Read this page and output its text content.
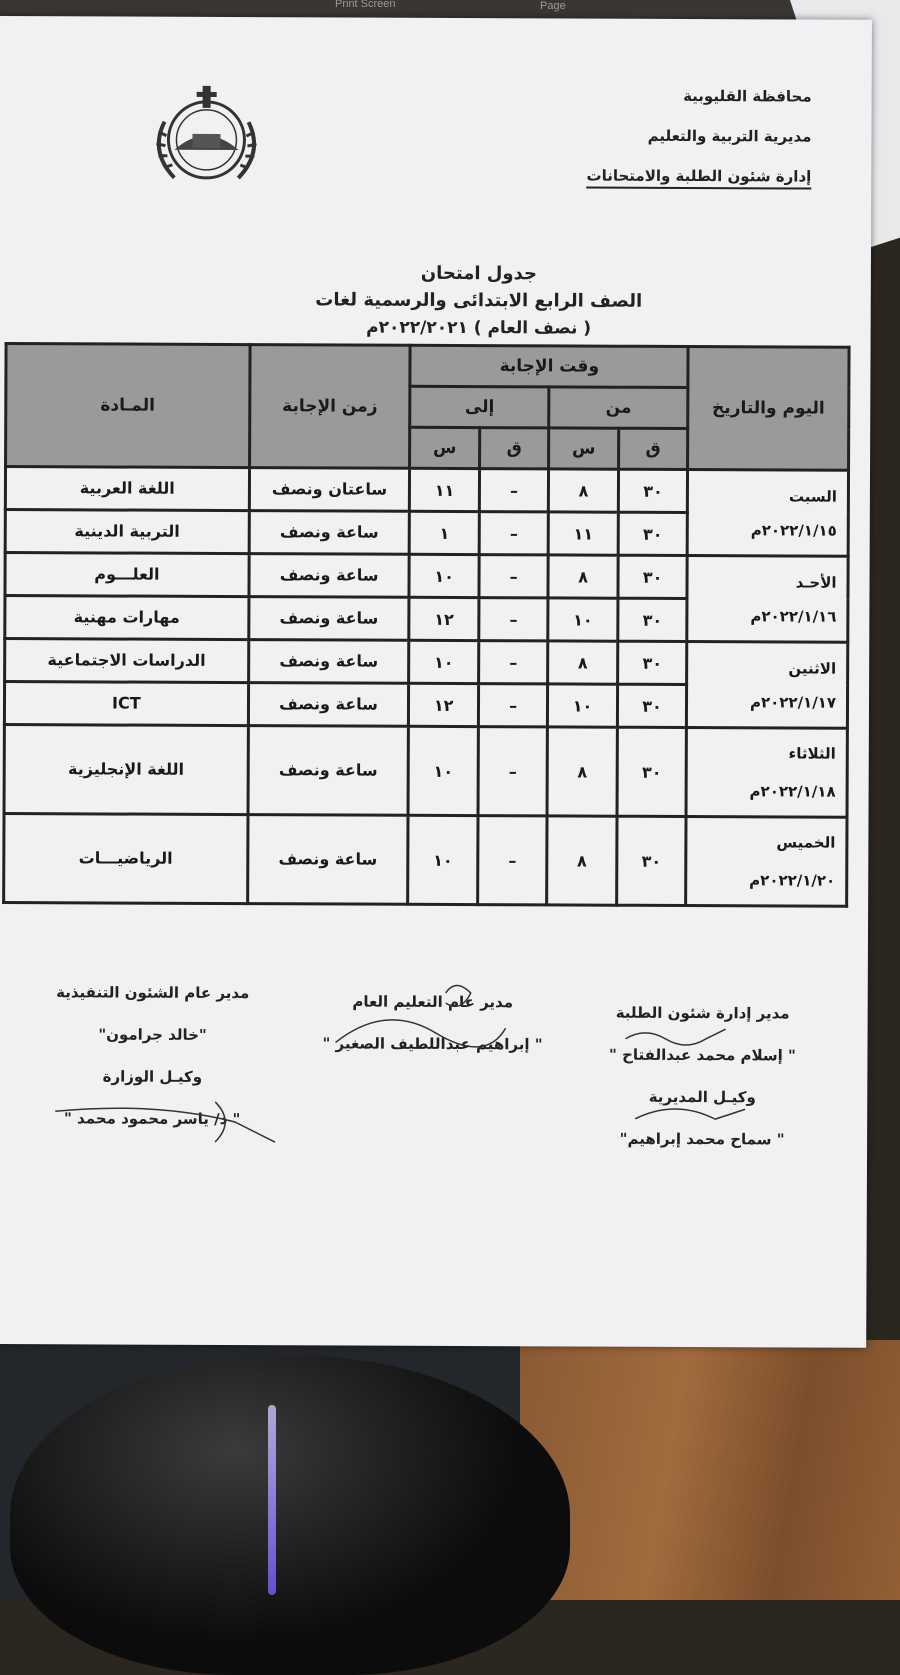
Print Screen	Page
محافظة القليوبية
مديرية التربية والتعليم
إدارة شئون الطلبة والامتحانات
جدول امتحان
الصف الرابع الابتدائى والرسمية لغات
( نصف العام ) ٢٠٢٢/٢٠٢١م
اليوم والتاريخ	وقت الإجابة				زمن الإجابة	المـادة
	من		إلى			
	ق	س	ق	س		

السبت
٢٠٢٢/١/١٥م	٣٠	٨	–	١١	ساعتان ونصف	اللغة العربية
	٣٠	١١	–	١	ساعة ونصف	التربية الدينية

الأحـد
٢٠٢٢/١/١٦م	٣٠	٨	–	١٠	ساعة ونصف	العلـــوم
	٣٠	١٠	–	١٢	ساعة ونصف	مهارات مهنية

الاثنين
٢٠٢٢/١/١٧م	٣٠	٨	–	١٠	ساعة ونصف	الدراسات الاجتماعية
	٣٠	١٠	–	١٢	ساعة ونصف	ICT

الثلاثاء
٢٠٢٢/١/١٨م	٣٠	٨	–	١٠	ساعة ونصف	اللغة الإنجليزية

الخميس
٢٠٢٢/١/٢٠م	٣٠	٨	–	١٠	ساعة ونصف	الرياضيـــات
مدير إدارة شئون الطلبة
" إسلام محمد عبدالفتاح "
وكيـل المديرية
" سماح محمد إبراهيم"
مدير عام التعليم العام
" إبراهيم عبداللطيف الصغير "
مدير عام الشئون التنفيذية
"خالد جرامون"
وكيـل الوزارة
" د/ ياسر محمود محمد "
